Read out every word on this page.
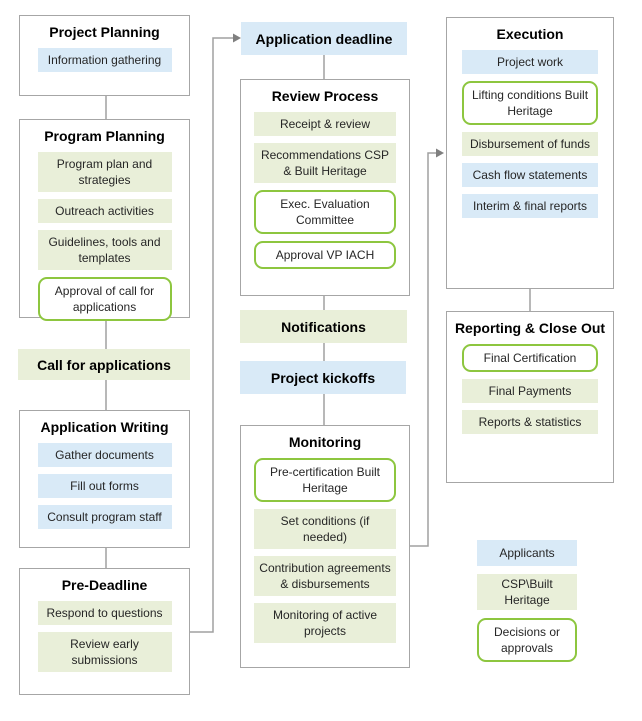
Project Planning
Information gathering
Program Planning
Program plan and strategies
Outreach activities
Guidelines, tools and templates
Approval of call for applications
Call for applications
Application Writing
Gather documents
Fill out forms
Consult program staff
Pre-Deadline
Respond to questions
Review early submissions
Application deadline
Review Process
Receipt & review
Recommendations CSP & Built Heritage
Exec. Evaluation Committee
Approval VP IACH
Notifications
Project kickoffs
Monitoring
Pre-certification Built Heritage
Set conditions (if needed)
Contribution agreements & disbursements
Monitoring of active projects
Execution
Project work
Lifting conditions Built Heritage
Disbursement of funds
Cash flow statements
Interim & final reports
Reporting & Close Out
Final Certification
Final Payments
Reports & statistics
Applicants
CSP\Built Heritage
Decisions or approvals
